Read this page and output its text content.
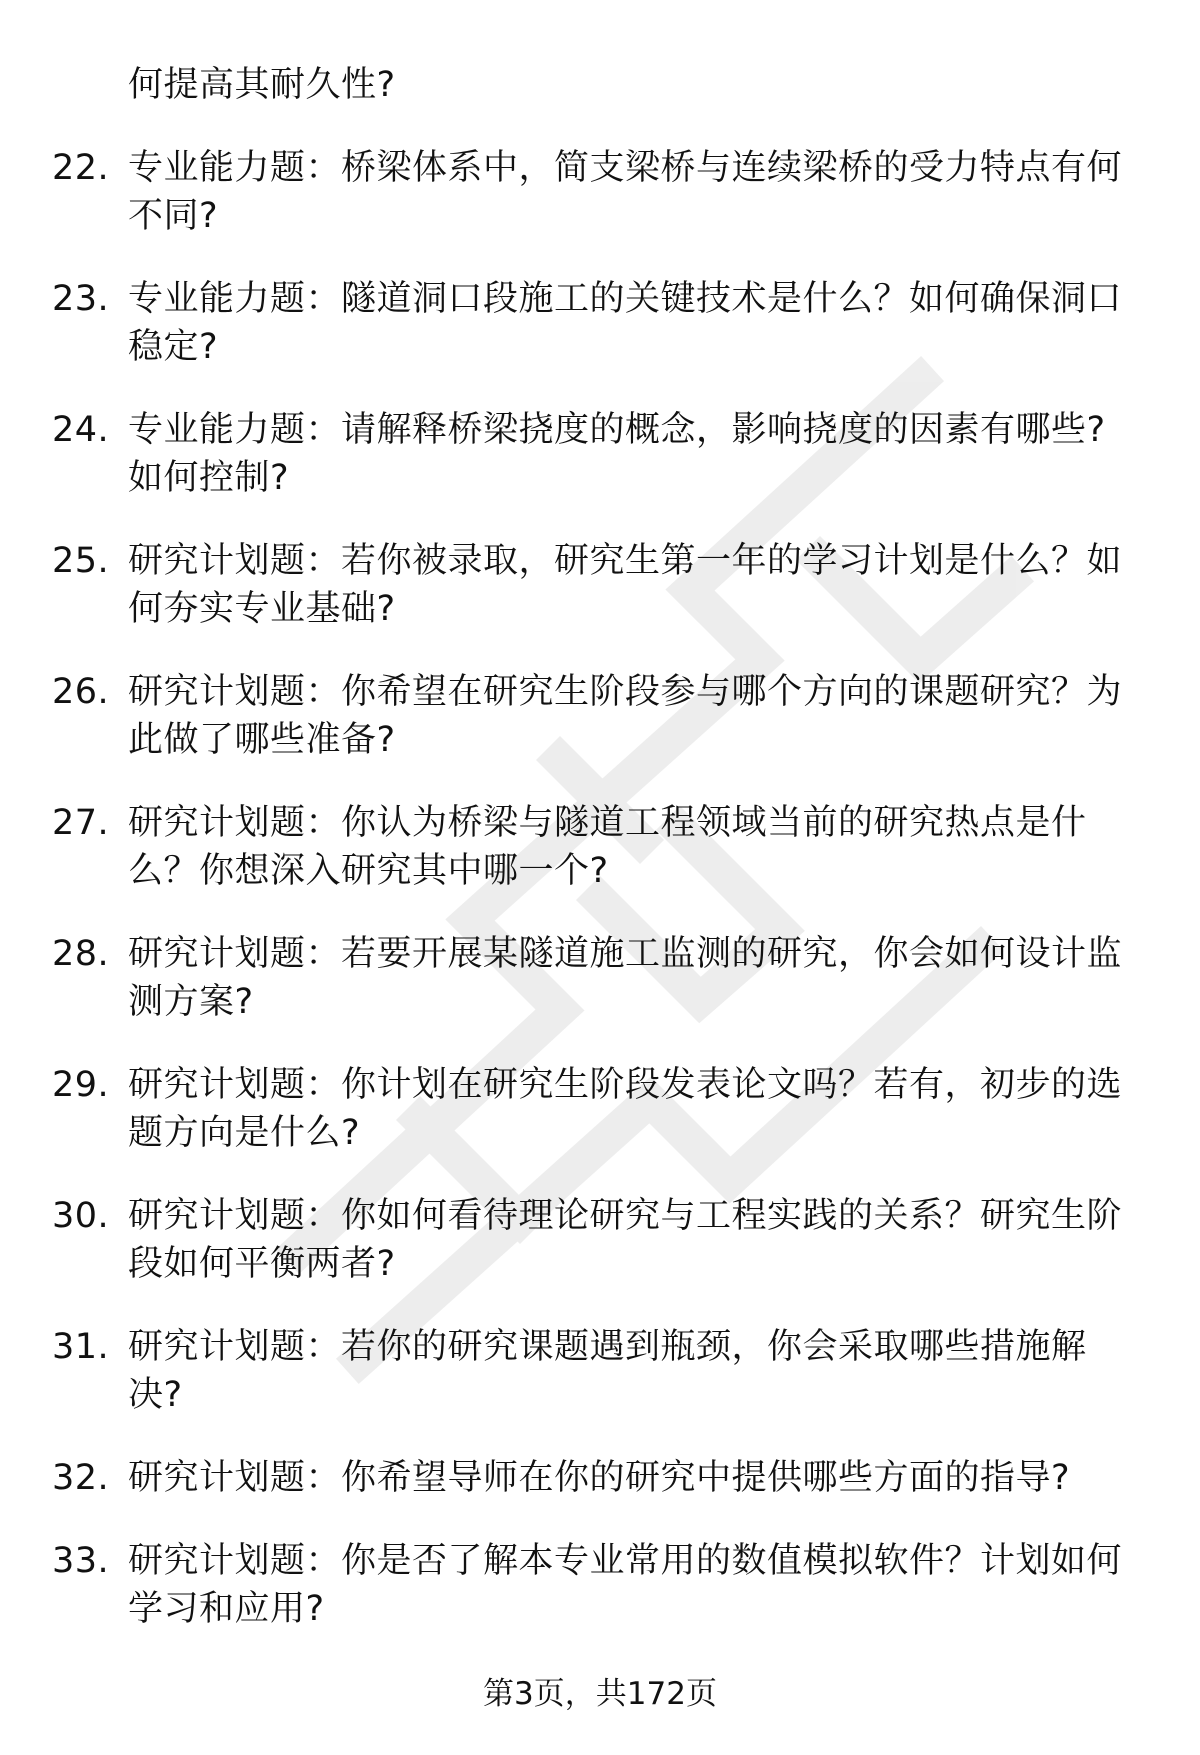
何提高其耐久性?
22. 专业能力题：桥梁体系中，简支梁桥与连续梁桥的受力特点有何
不同?
23. 专业能力题：隧道洞口段施工的关键技术是什么？如何确保洞口
稳定?
24. 专业能力题：请解释桥梁挠度的概念，影响挠度的因素有哪些?
如何控制?
25. 研究计划题：若你被录取，研究生第一年的学习计划是什么？如
何夯实专业基础?
26. 研究计划题：你希望在研究生阶段参与哪个方向的课题研究？为
此做了哪些准备?
27. 研究计划题：你认为桥梁与隧道工程领域当前的研究热点是什
么？你想深入研究其中哪一个?
28. 研究计划题：若要开展某隧道施工监测的研究，你会如何设计监
测方案?
29. 研究计划题：你计划在研究生阶段发表论文吗？若有，初步的选
题方向是什么?
30. 研究计划题：你如何看待理论研究与工程实践的关系？研究生阶
段如何平衡两者?
31. 研究计划题：若你的研究课题遇到瓶颈，你会采取哪些措施解
决?
32. 研究计划题：你希望导师在你的研究中提供哪些方面的指导?
33. 研究计划题：你是否了解本专业常用的数值模拟软件？计划如何
学习和应用?
第3页，共172页
